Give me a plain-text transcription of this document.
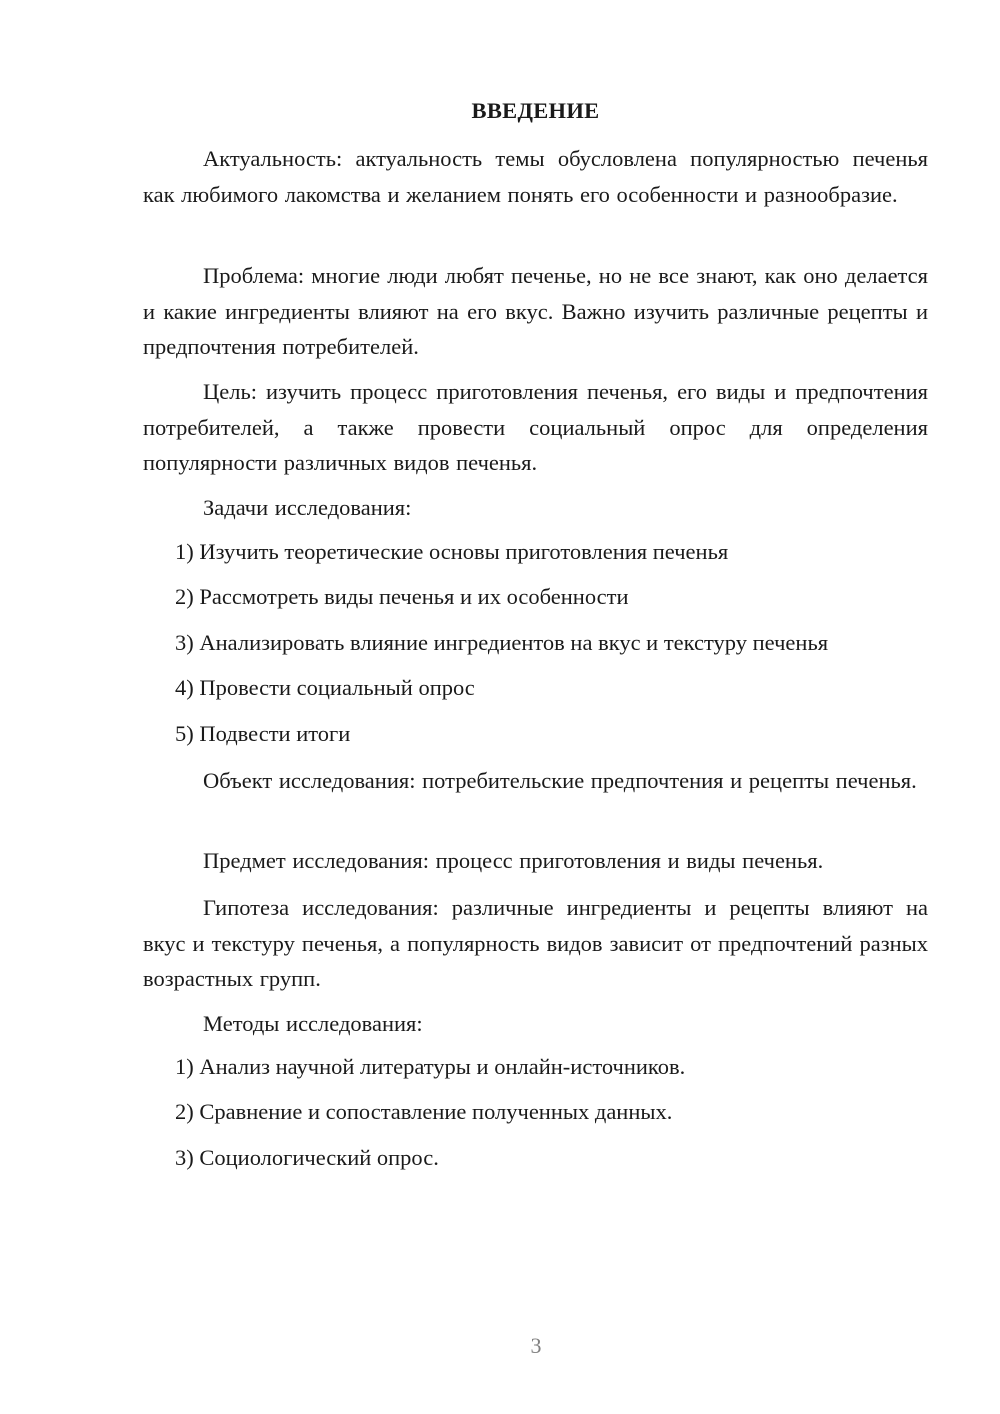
ВВЕДЕНИЕ

Актуальность: актуальность темы обусловлена популярностью печенья как любимого лакомства и желанием понять его особенности и разнообразие.

Проблема: многие люди любят печенье, но не все знают, как оно делается и какие ингредиенты влияют на его вкус. Важно изучить различные рецепты и предпочтения потребителей.

Цель: изучить процесс приготовления печенья, его виды и предпочтения потребителей, а также провести социальный опрос для определения популярности различных видов печенья.

Задачи исследования:

1) Изучить теоретические основы приготовления печенья

2) Рассмотреть виды печенья и их особенности

3) Анализировать влияние ингредиентов на вкус и текстуру печенья

4) Провести социальный опрос

5) Подвести итоги

Объект исследования: потребительские предпочтения и рецепты печенья.

Предмет исследования: процесс приготовления и виды печенья.

Гипотеза исследования: различные ингредиенты и рецепты влияют на вкус и текстуру печенья, а популярность видов зависит от предпочтений разных возрастных групп.

Методы исследования:

1) Анализ научной литературы и онлайн-источников.

2) Сравнение и сопоставление полученных данных.

3) Социологический опрос.

3
